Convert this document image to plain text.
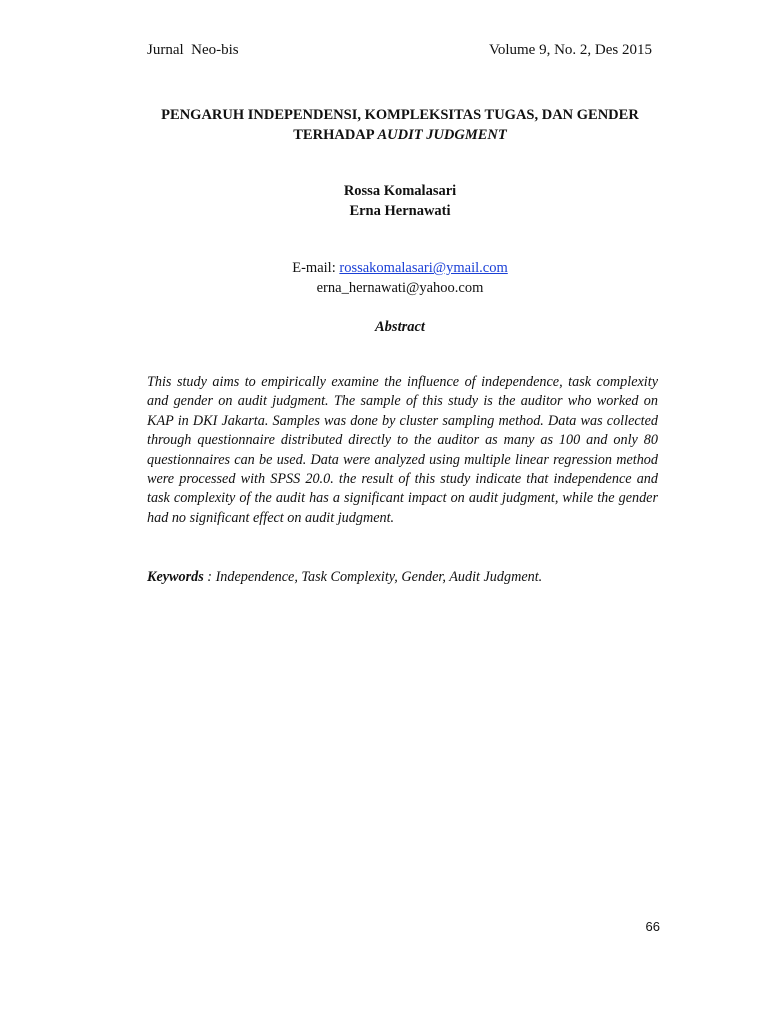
Jurnal  Neo-bis	Volume 9, No. 2, Des 2015
PENGARUH INDEPENDENSI, KOMPLEKSITAS TUGAS, DAN GENDER
TERHADAP AUDIT JUDGMENT
Rossa Komalasari
Erna Hernawati
E-mail: rossakomalasari@ymail.com
erna_hernawati@yahoo.com
Abstract
This study aims to empirically examine the influence of independence, task complexity and gender on audit judgment. The sample of this study is the auditor who worked on KAP in DKI Jakarta. Samples was done by cluster sampling method. Data was collected through questionnaire distributed directly to the auditor as many as 100 and only 80 questionnaires can be used. Data were analyzed using multiple linear regression method were processed with SPSS 20.0. the result of this study indicate that independence and task complexity of the audit has a significant impact on audit judgment, while the gender had no significant effect on audit judgment.
Keywords : Independence, Task Complexity, Gender, Audit Judgment.
66
